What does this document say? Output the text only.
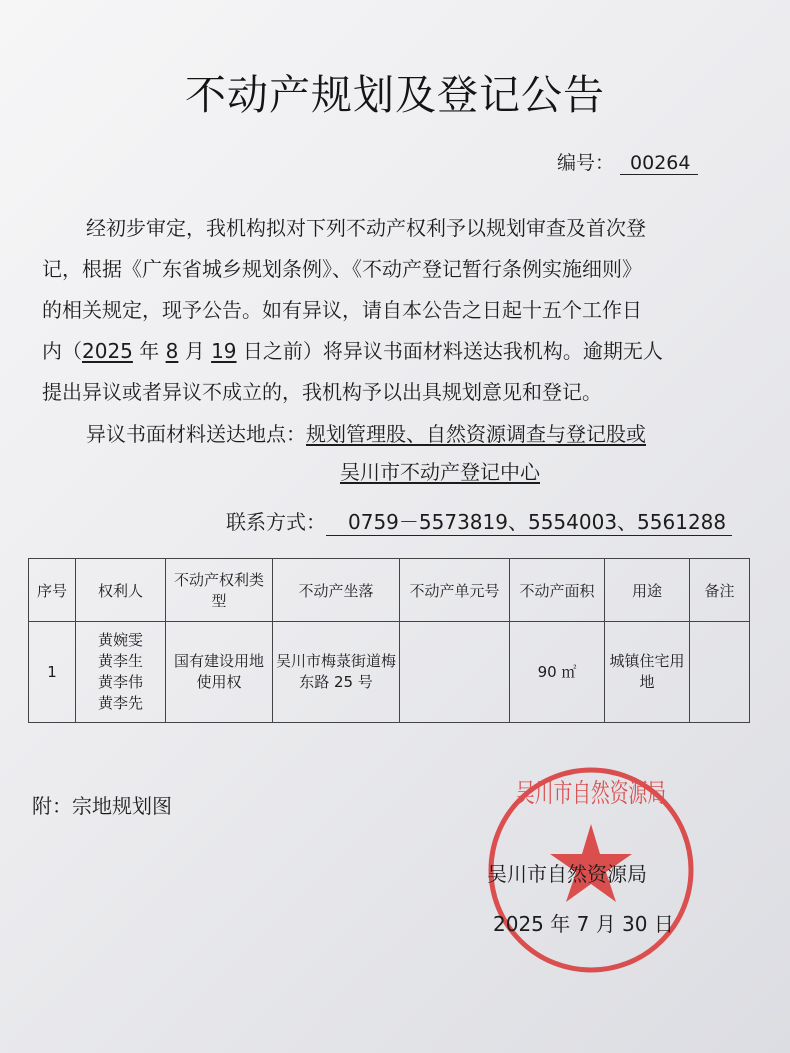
不动产规划及登记公告
编号： 00264

经初步审定，我机构拟对下列不动产权利予以规划审查及首次登

记，根据《广东省城乡规划条例》、《不动产登记暂行条例实施细则》

的相关规定，现予公告。如有异议，请自本公告之日起十五个工作日

内（2025 年 8 月 19 日之前）将异议书面材料送达我机构。逾期无人

提出异议或者异议不成立的，我机构予以出具规划意见和登记。

异议书面材料送达地点：规划管理股、自然资源调查与登记股或
吴川市不动产登记中心
联系方式： 0759－5573819、5554003、5561288
序号	权利人	不动产权利类型	不动产坐落	不动产单元号	不动产面积	用途	备注
1	黄婉雯
黄李生
黄李伟
黄李先	国有建设用地使用权	吴川市梅菉街道梅东路 25 号		90 ㎡	城镇住宅用地	
附：宗地规划图	吴川市自然资源局
吴川市自然资源局
2025 年 7 月 30 日
